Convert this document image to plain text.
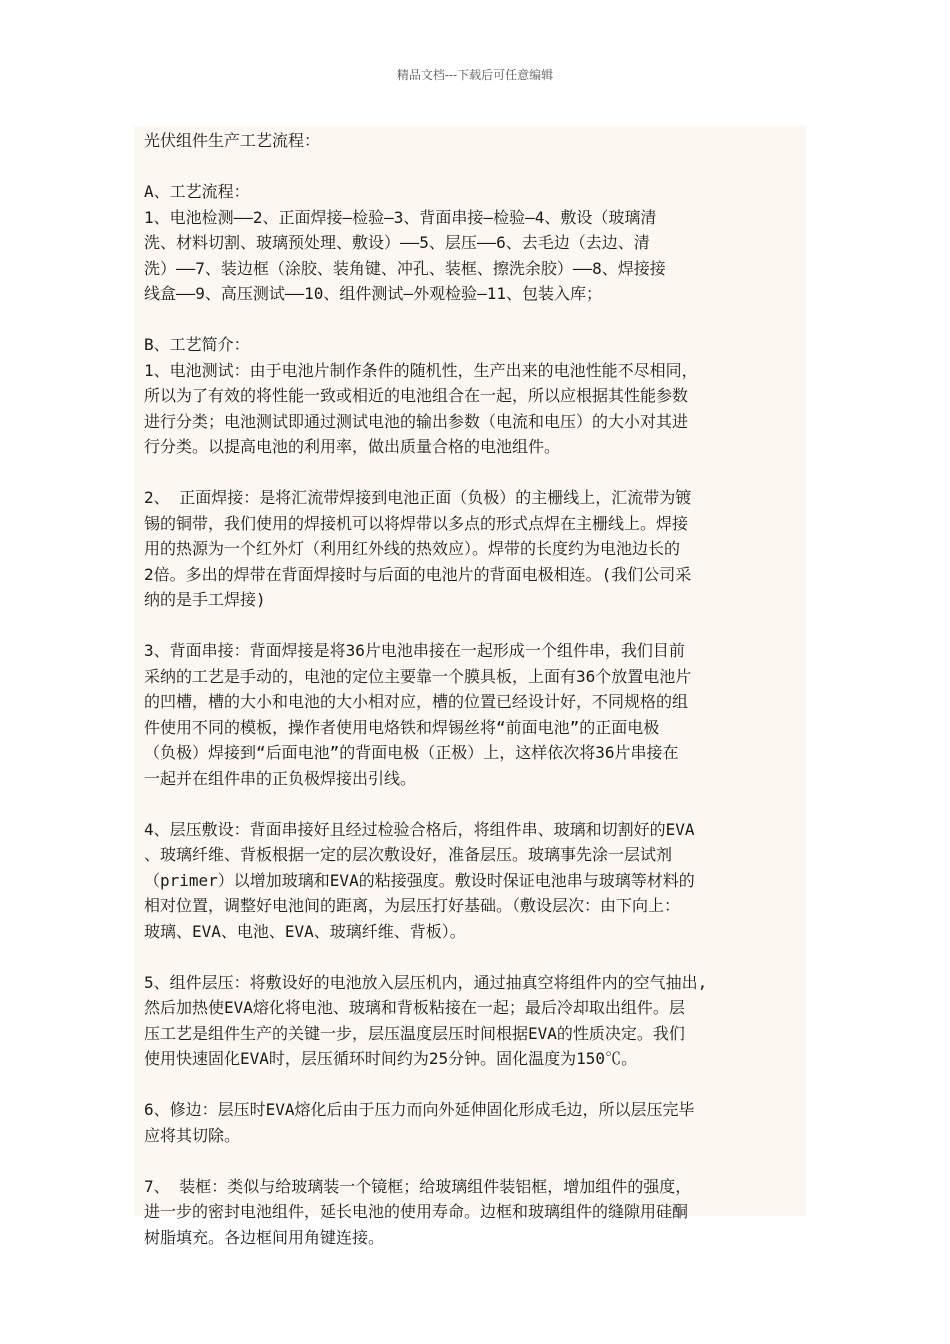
精品文档---下载后可任意编辑

光伏组件生产工艺流程：

A、工艺流程：

1、电池检测——2、正面焊接—检验—3、背面串接—检验—4、敷设（玻璃清

洗、材料切割、玻璃预处理、敷设）——5、层压——6、去毛边（去边、清

洗）——7、装边框（涂胶、装角键、冲孔、装框、擦洗余胶）——8、焊接接

线盒——9、高压测试——10、组件测试—外观检验—11、包装入库；

B、工艺简介：

1、电池测试：由于电池片制作条件的随机性，生产出来的电池性能不尽相同，

所以为了有效的将性能一致或相近的电池组合在一起，所以应根据其性能参数

进行分类；电池测试即通过测试电池的输出参数（电流和电压）的大小对其进

行分类。以提高电池的利用率，做出质量合格的电池组件。

2、 正面焊接：是将汇流带焊接到电池正面（负极）的主栅线上，汇流带为镀

锡的铜带，我们使用的焊接机可以将焊带以多点的形式点焊在主栅线上。焊接

用的热源为一个红外灯（利用红外线的热效应）。焊带的长度约为电池边长的

2倍。多出的焊带在背面焊接时与后面的电池片的背面电极相连。(我们公司采

纳的是手工焊接)

3、背面串接：背面焊接是将36片电池串接在一起形成一个组件串，我们目前

采纳的工艺是手动的，电池的定位主要靠一个膜具板，上面有36个放置电池片

的凹槽，槽的大小和电池的大小相对应，槽的位置已经设计好，不同规格的组

件使用不同的模板，操作者使用电烙铁和焊锡丝将“前面电池”的正面电极

（负极）焊接到“后面电池”的背面电极（正极）上，这样依次将36片串接在

一起并在组件串的正负极焊接出引线。

4、层压敷设：背面串接好且经过检验合格后，将组件串、玻璃和切割好的EVA

、玻璃纤维、背板根据一定的层次敷设好，准备层压。玻璃事先涂一层试剂

（primer）以增加玻璃和EVA的粘接强度。敷设时保证电池串与玻璃等材料的

相对位置，调整好电池间的距离，为层压打好基础。（敷设层次：由下向上：

玻璃、EVA、电池、EVA、玻璃纤维、背板）。

5、组件层压：将敷设好的电池放入层压机内，通过抽真空将组件内的空气抽出,

然后加热使EVA熔化将电池、玻璃和背板粘接在一起；最后冷却取出组件。层

压工艺是组件生产的关键一步，层压温度层压时间根据EVA的性质决定。我们

使用快速固化EVA时，层压循环时间约为25分钟。固化温度为150℃。

6、修边：层压时EVA熔化后由于压力而向外延伸固化形成毛边，所以层压完毕

应将其切除。

7、 装框：类似与给玻璃装一个镜框；给玻璃组件装铝框，增加组件的强度，

进一步的密封电池组件，延长电池的使用寿命。边框和玻璃组件的缝隙用硅酮

树脂填充。各边框间用角键连接。
